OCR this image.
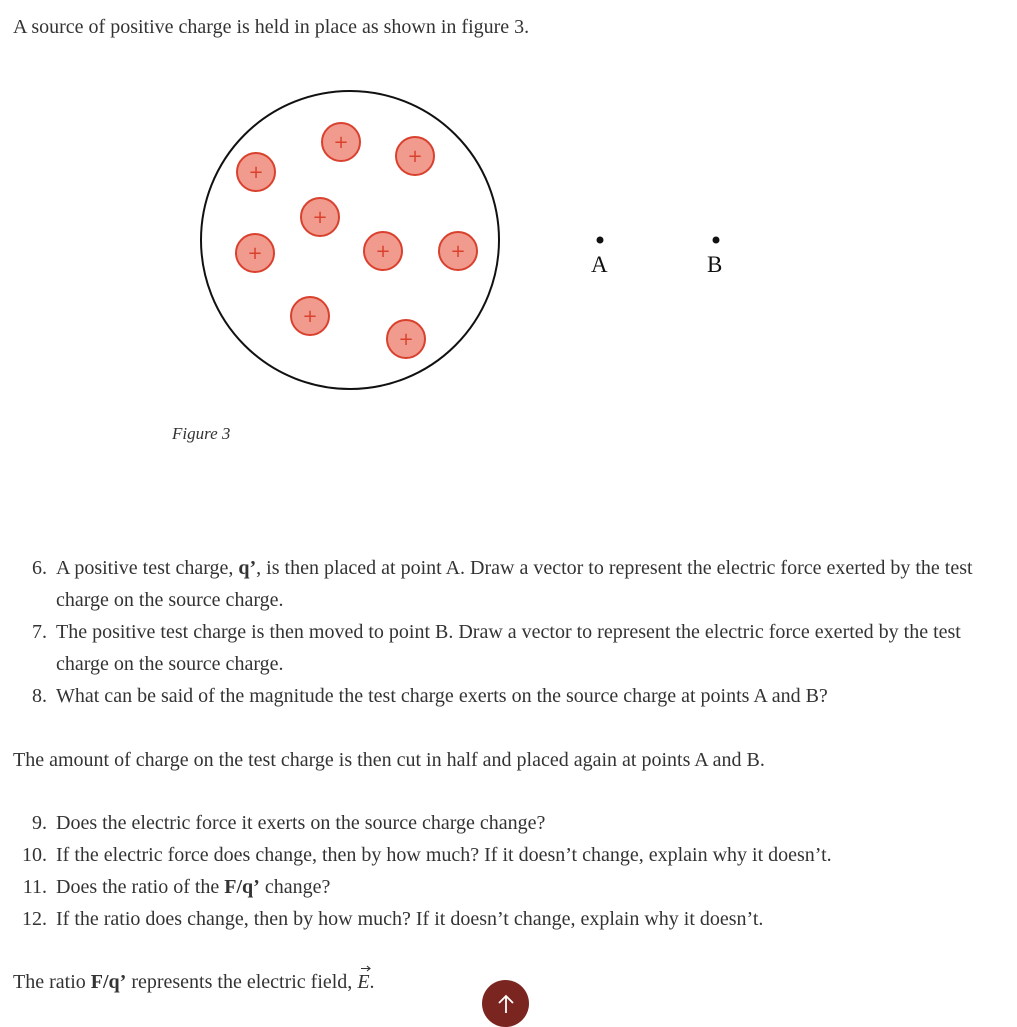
A source of positive charge is held in place as shown in figure 3.

+
+
+
+
+	+	+
+
+
A	B
Figure 3
6. A positive test charge, q’, is then placed at point A. Draw a vector to represent the electric force exerted by the test charge on the source charge.
7. The positive test charge is then moved to point B. Draw a vector to represent the electric force exerted by the test charge on the source charge.
8. What can be said of the magnitude the test charge exerts on the source charge at points A and B?

The amount of charge on the test charge is then cut in half and placed again at points A and B.

9. Does the electric force it exerts on the source charge change?
10. If the electric force does change, then by how much? If it doesn’t change, explain why it doesn’t.
11. Does the ratio of the F/q’ change?
12. If the ratio does change, then by how much? If it doesn’t change, explain why it doesn’t.

The ratio F/q’ represents the electric field,
E.
